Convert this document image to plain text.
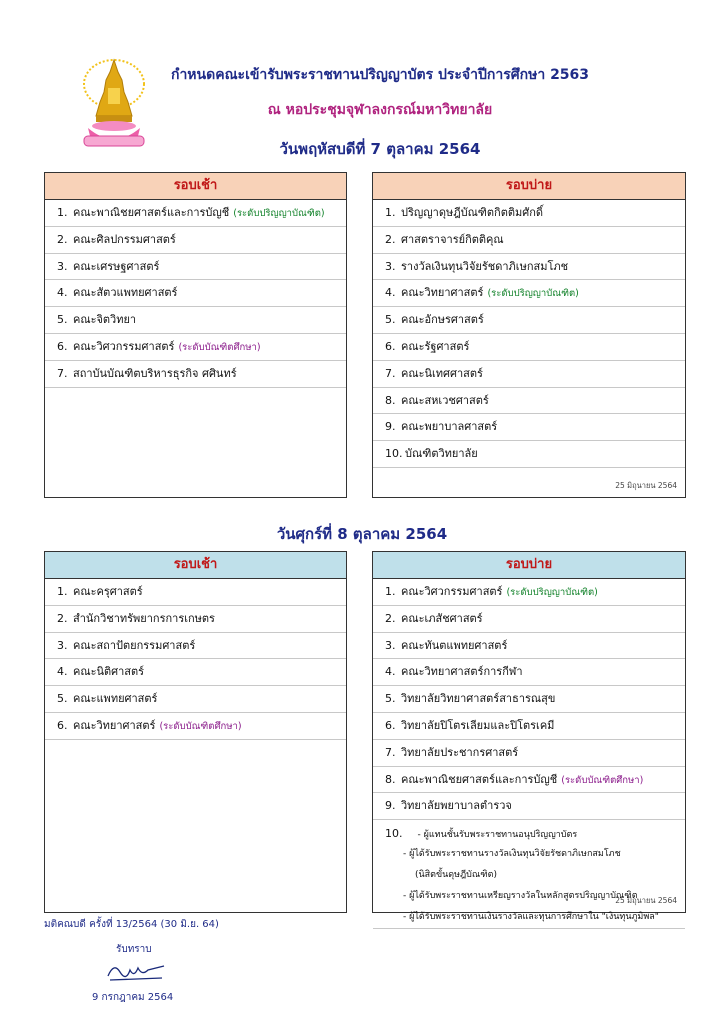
กำหนดคณะเข้ารับพระราชทานปริญญาบัตร ประจำปีการศึกษา 2563
ณ หอประชุมจุฬาลงกรณ์มหาวิทยาลัย
วันพฤหัสบดีที่ 7 ตุลาคม 2564
รอบเช้า
1. คณะพาณิชยศาสตร์และการบัญชี (ระดับปริญญาบัณฑิต)
2. คณะศิลปกรรมศาสตร์
3. คณะเศรษฐศาสตร์
4. คณะสัตวแพทยศาสตร์
5. คณะจิตวิทยา
6. คณะวิศวกรรมศาสตร์ (ระดับบัณฑิตศึกษา)
7. สถาบันบัณฑิตบริหารธุรกิจ ศศินทร์
รอบบ่าย
1. ปริญญาดุษฎีบัณฑิตกิตติมศักดิ์
2. ศาสตราจารย์กิตติคุณ
3. รางวัลเงินทุนวิจัยรัชดาภิเษกสมโภช
4. คณะวิทยาศาสตร์ (ระดับปริญญาบัณฑิต)
5. คณะอักษรศาสตร์
6. คณะรัฐศาสตร์
7. คณะนิเทศศาสตร์
8. คณะสหเวชศาสตร์
9. คณะพยาบาลศาสตร์
10. บัณฑิตวิทยาลัย
25 มิถุนายน 2564
วันศุกร์ที่ 8 ตุลาคม 2564
รอบเช้า
1. คณะครุศาสตร์
2. สำนักวิชาทรัพยากรการเกษตร
3. คณะสถาปัตยกรรมศาสตร์
4. คณะนิติศาสตร์
5. คณะแพทยศาสตร์
6. คณะวิทยาศาสตร์ (ระดับบัณฑิตศึกษา)
รอบบ่าย
1. คณะวิศวกรรมศาสตร์ (ระดับปริญญาบัณฑิต)
2. คณะเภสัชศาสตร์
3. คณะทันตแพทยศาสตร์
4. คณะวิทยาศาสตร์การกีฬา
5. วิทยาลัยวิทยาศาสตร์สาธารณสุข
6. วิทยาลัยปิโตรเลียมและปิโตรเคมี
7. วิทยาลัยประชากรศาสตร์
8. คณะพาณิชยศาสตร์และการบัญชี (ระดับบัณฑิตศึกษา)
9. วิทยาลัยพยาบาลตำรวจ
10. - ผู้แทนชั้นรับพระราชทานอนุปริญญาบัตร
- ผู้ได้รับพระราชทานรางวัลเงินทุนวิจัยรัชดาภิเษกสมโภช
(นิสิตขั้นดุษฎีบัณฑิต)
- ผู้ได้รับพระราชทานเหรียญรางวัลในหลักสูตรปริญญาบัณฑิต
- ผู้ได้รับพระราชทานเงินรางวัลและทุนการศึกษาใน "เงินทุนภูมิพล"
25 มิถุนายน 2564
มติคณบดี ครั้งที่ 13/2564 (30 มิ.ย. 64)
รับทราบ
9 กรกฎาคม 2564
